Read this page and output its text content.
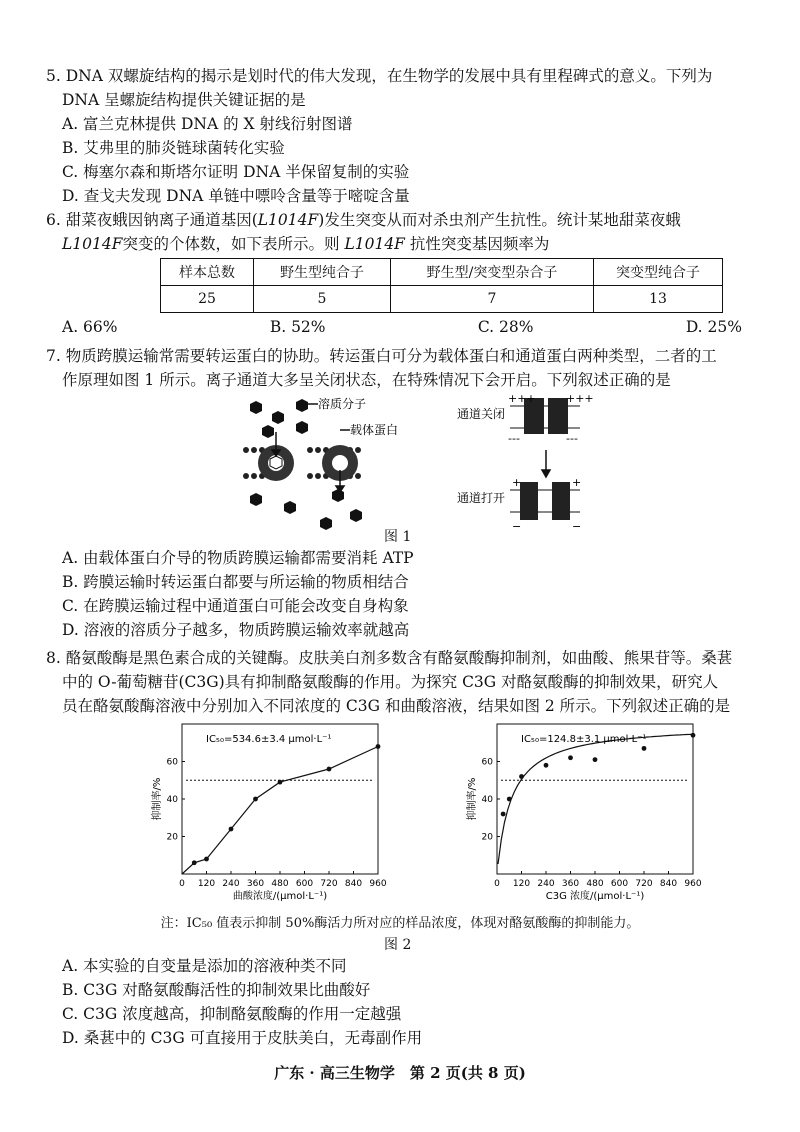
5. DNA 双螺旋结构的揭示是划时代的伟大发现，在生物学的发展中具有里程碑式的意义。下列为
DNA 呈螺旋结构提供关键证据的是
A. 富兰克林提供 DNA 的 X 射线衍射图谱
B. 艾弗里的肺炎链球菌转化实验
C. 梅塞尔森和斯塔尔证明 DNA 半保留复制的实验
D. 查戈夫发现 DNA 单链中嘌呤含量等于嘧啶含量
6. 甜菜夜蛾因钠离子通道基因(L1014F)发生突变从而对杀虫剂产生抗性。统计某地甜菜夜蛾
L1014F突变的个体数，如下表所示。则 L1014F 抗性突变基因频率为
样本总数	野生型纯合子	野生型/突变型杂合子	突变型纯合子
25	5	7	13
A. 66%	B. 52%	C. 28%	D. 25%
7. 物质跨膜运输常需要转运蛋白的协助。转运蛋白可分为载体蛋白和通道蛋白两种类型，二者的工
作原理如图 1 所示。离子通道大多呈关闭状态，在特殊情况下会开启。下列叙述正确的是
溶质分子
载体蛋白
通道关闭
+++	+++
---	---
通道打开
+	+
−	−
图 1
A. 由载体蛋白介导的物质跨膜运输都需要消耗 ATP
B. 跨膜运输时转运蛋白都要与所运输的物质相结合
C. 在跨膜运输过程中通道蛋白可能会改变自身构象
D. 溶液的溶质分子越多，物质跨膜运输效率就越高
8. 酪氨酸酶是黑色素合成的关键酶。皮肤美白剂多数含有酪氨酸酶抑制剂，如曲酸、熊果苷等。桑葚
中的 O-葡萄糖苷(C3G)具有抑制酪氨酸酶的作用。为探究 C3G 对酪氨酸酶的抑制效果，研究人
员在酪氨酸酶溶液中分别加入不同浓度的 C3G 和曲酸溶液，结果如图 2 所示。下列叙述正确的是
0 120 240 360 480 600 720 840 960
20
40
60
IC₅₀=534.6±3.4 μmol·L⁻¹
曲酸浓度/(μmol·L⁻¹)
抑制率/%
0 120 240 360 480 600 720 840 960
20
40
60
IC₅₀=124.8±3.1 μmol·L⁻¹
C3G 浓度/(μmol·L⁻¹)
抑制率/%
注：IC₅₀ 值表示抑制 50%酶活力所对应的样品浓度，体现对酪氨酸酶的抑制能力。
图 2
A. 本实验的自变量是添加的溶液种类不同
B. C3G 对酪氨酸酶活性的抑制效果比曲酸好
C. C3G 浓度越高，抑制酪氨酸酶的作用一定越强
D. 桑葚中的 C3G 可直接用于皮肤美白，无毒副作用
广东 · 高三生物学　第 2 页(共 8 页)
